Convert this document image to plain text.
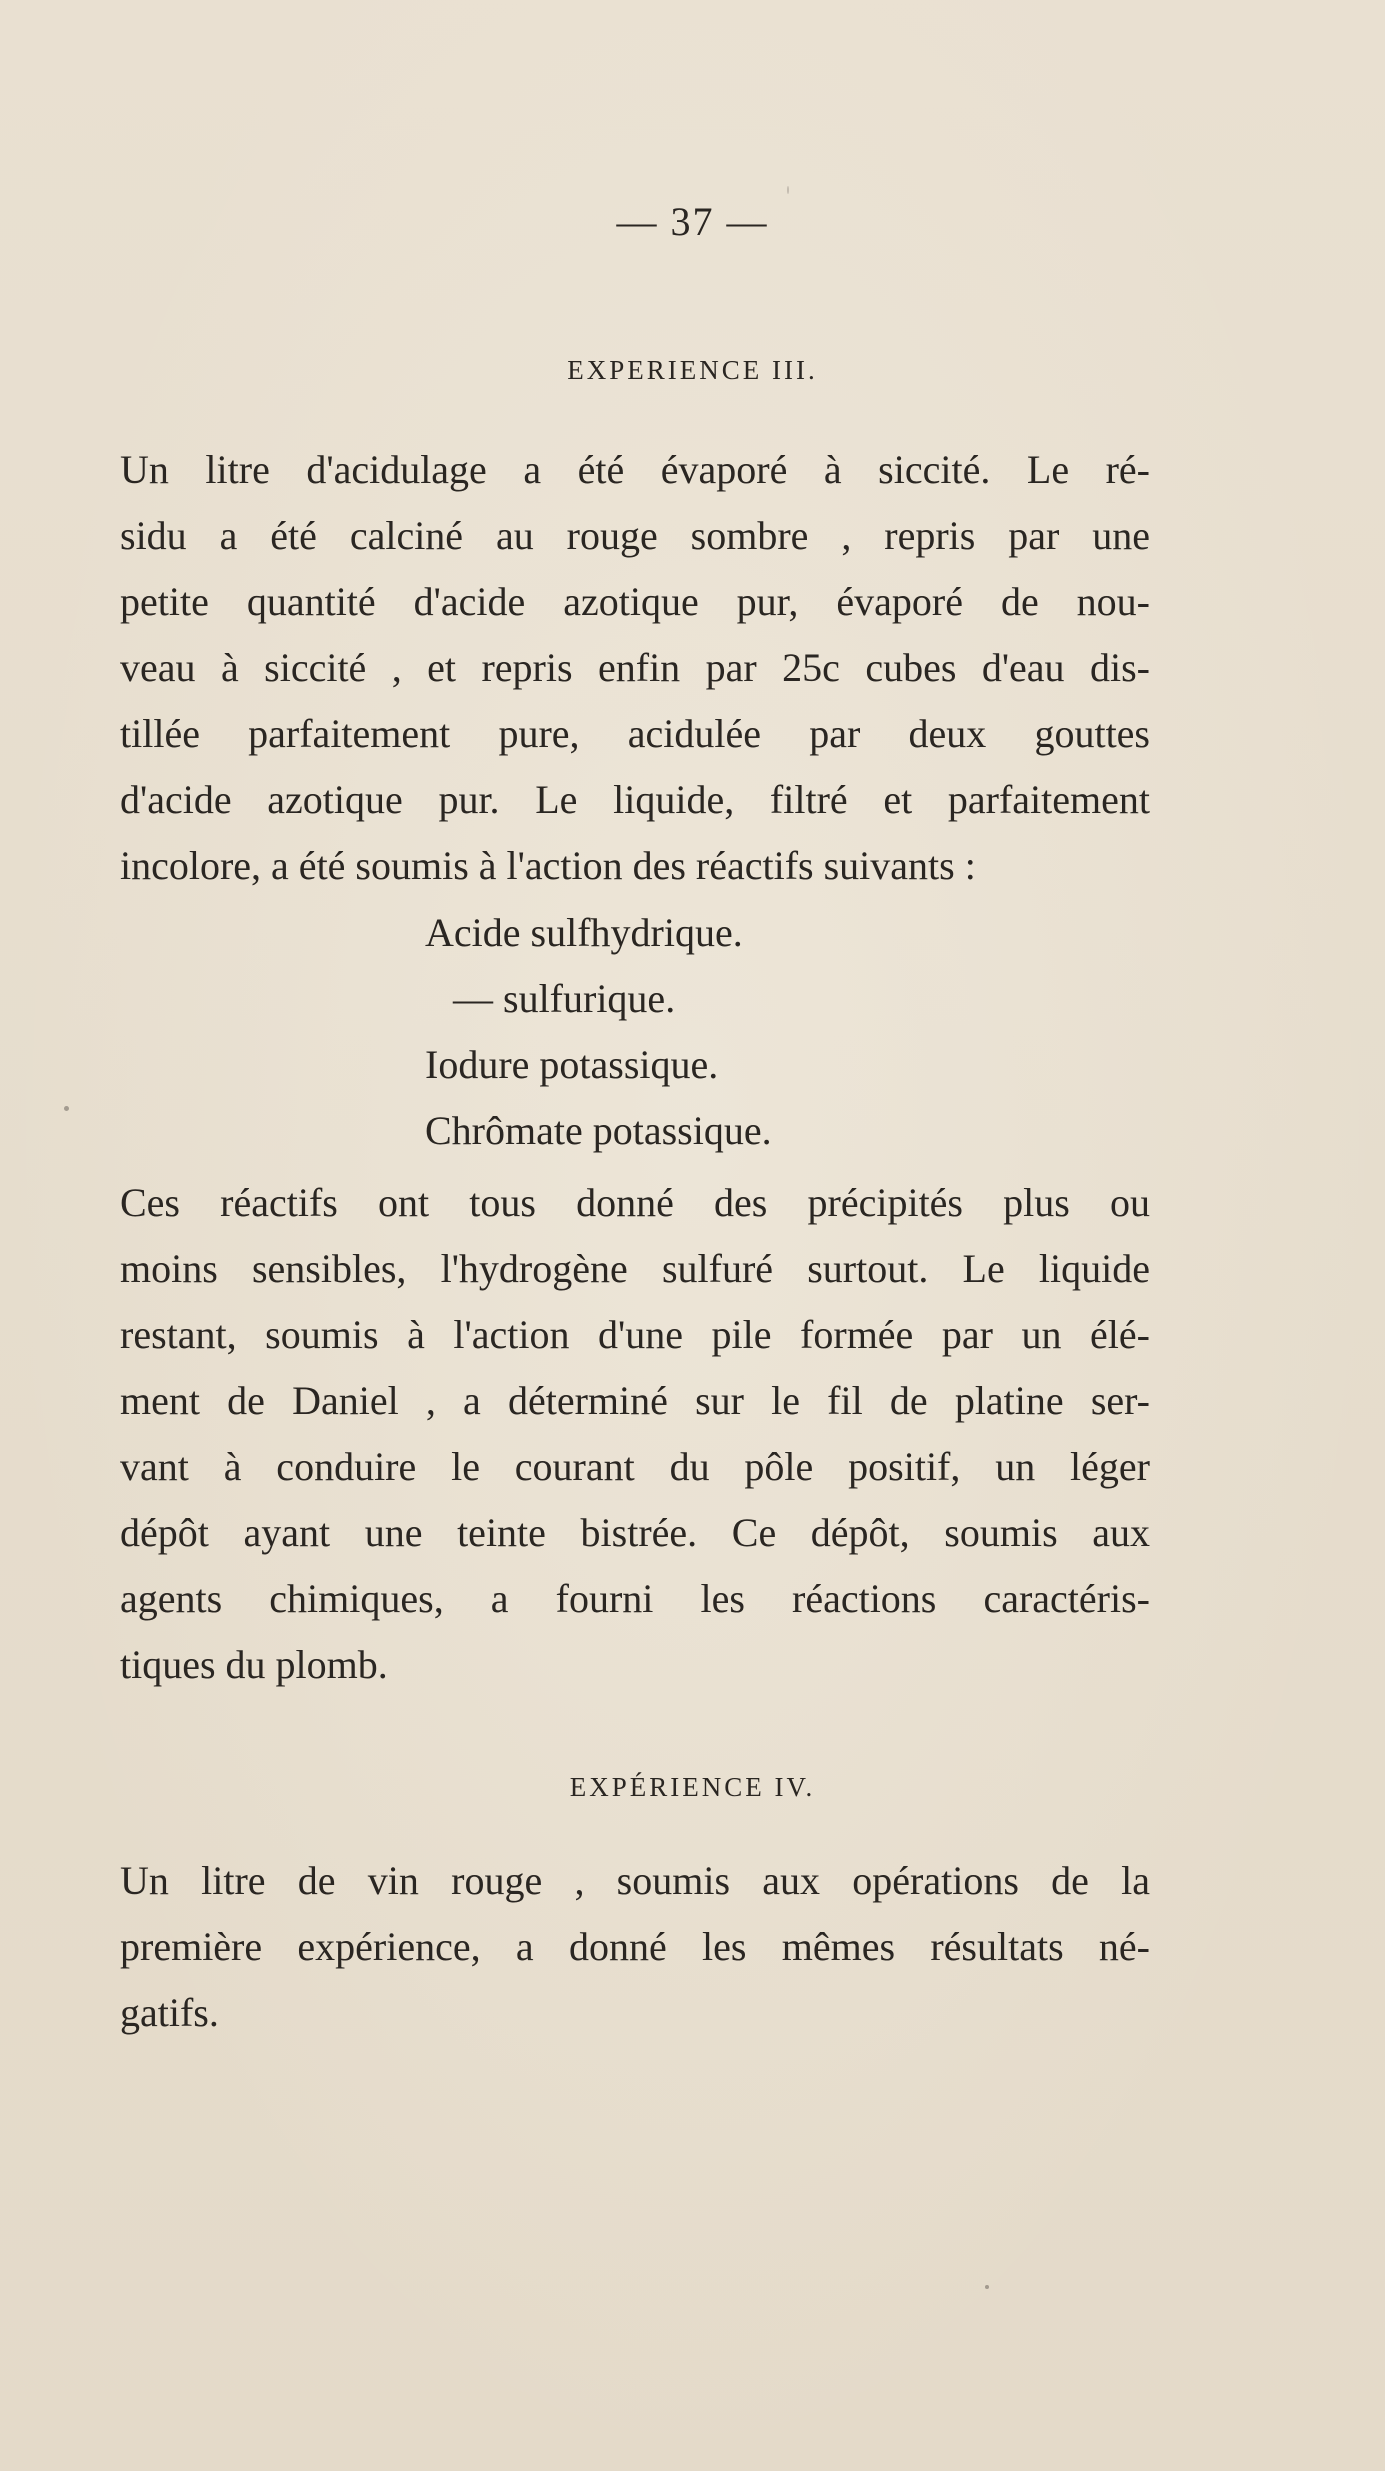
— 37 —
EXPERIENCE III.
Un litre d'acidulage a été évaporé à siccité. Le ré-
sidu a été calciné au rouge sombre , repris par une
petite quantité d'acide azotique pur, évaporé de nou-
veau à siccité , et repris enfin par 25c cubes d'eau dis-
tillée parfaitement pure, acidulée par deux gouttes
d'acide azotique pur. Le liquide, filtré et parfaitement
incolore, a été soumis à l'action des réactifs suivants :
Acide sulfhydrique.
— sulfurique.
Iodure potassique.
Chrômate potassique.
Ces réactifs ont tous donné des précipités plus ou
moins sensibles, l'hydrogène sulfuré surtout. Le liquide
restant, soumis à l'action d'une pile formée par un élé-
ment de Daniel , a déterminé sur le fil de platine ser-
vant à conduire le courant du pôle positif, un léger
dépôt ayant une teinte bistrée. Ce dépôt, soumis aux
agents chimiques, a fourni les réactions caractéris-
tiques du plomb.
EXPÉRIENCE IV.
Un litre de vin rouge , soumis aux opérations de la
première expérience, a donné les mêmes résultats né-
gatifs.
